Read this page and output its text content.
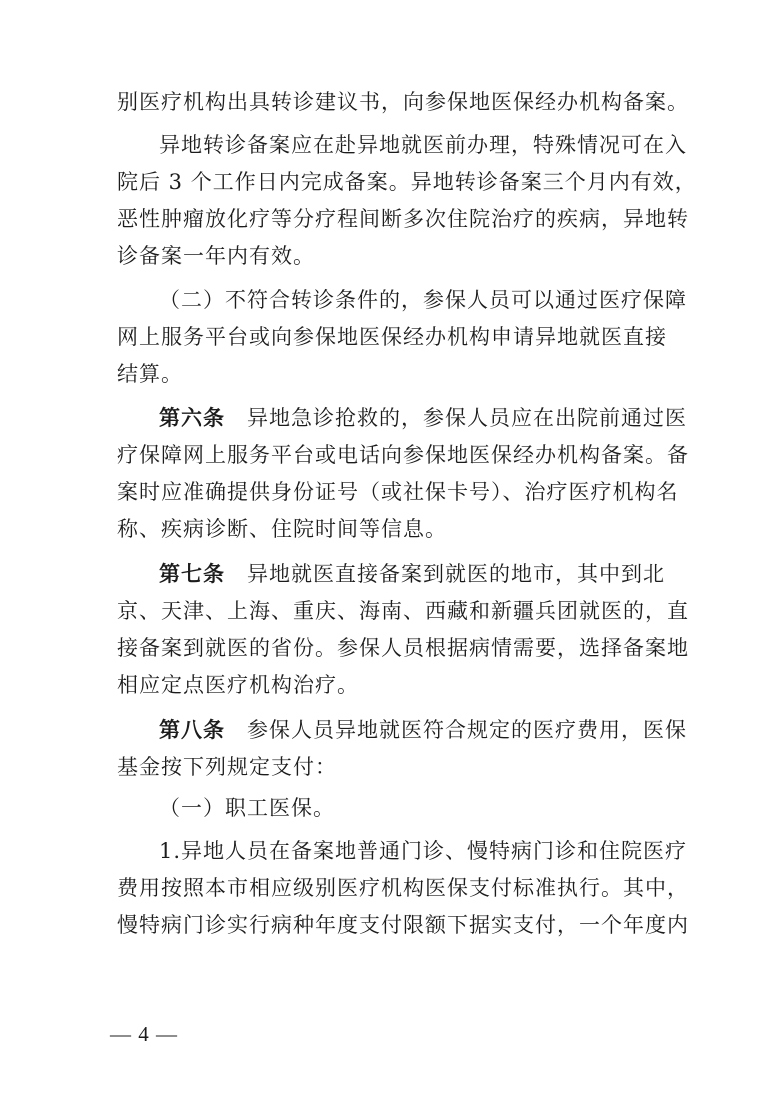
别医疗机构出具转诊建议书，向参保地医保经办机构备案。

异地转诊备案应在赴异地就医前办理，特殊情况可在入
院后 3 个工作日内完成备案。异地转诊备案三个月内有效，
恶性肿瘤放化疗等分疗程间断多次住院治疗的疾病，异地转
诊备案一年内有效。

（二）不符合转诊条件的，参保人员可以通过医疗保障
网上服务平台或向参保地医保经办机构申请异地就医直接
结算。

第六条 异地急诊抢救的，参保人员应在出院前通过医
疗保障网上服务平台或电话向参保地医保经办机构备案。备
案时应准确提供身份证号（或社保卡号）、治疗医疗机构名
称、疾病诊断、住院时间等信息。

第七条 异地就医直接备案到就医的地市，其中到北
京、天津、上海、重庆、海南、西藏和新疆兵团就医的，直
接备案到就医的省份。参保人员根据病情需要，选择备案地
相应定点医疗机构治疗。

第八条 参保人员异地就医符合规定的医疗费用，医保
基金按下列规定支付：

（一）职工医保。

1.异地人员在备案地普通门诊、慢特病门诊和住院医疗
费用按照本市相应级别医疗机构医保支付标准执行。其中，
慢特病门诊实行病种年度支付限额下据实支付，一个年度内

— 4 —
